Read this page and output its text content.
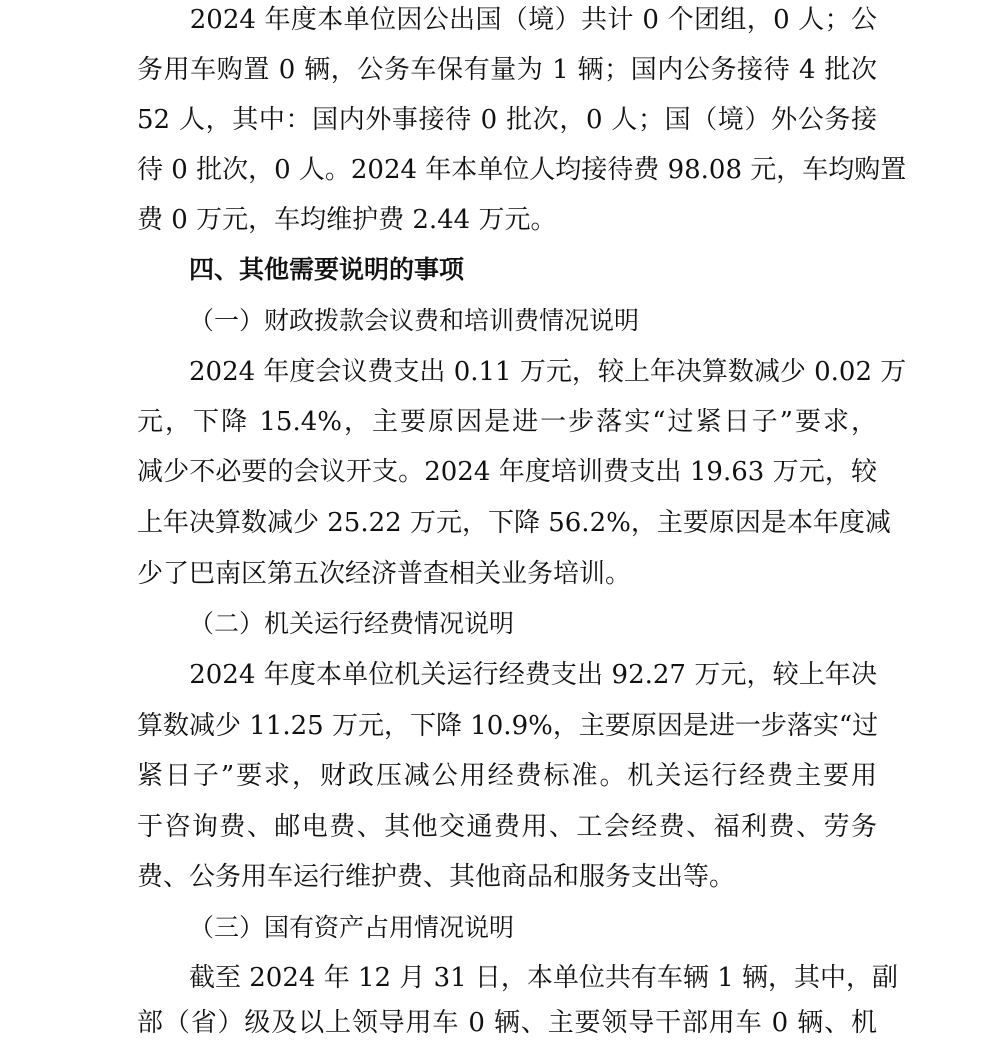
　　2024 年度本单位因公出国（境）共计 0 个团组，0 人；公
务用车购置 0 辆，公务车保有量为 1 辆；国内公务接待 4 批次
52 人，其中：国内外事接待 0 批次，0 人；国（境）外公务接
待 0 批次，0 人。2024 年本单位人均接待费 98.08 元，车均购置
费 0 万元，车均维护费 2.44 万元。
四、其他需要说明的事项
（一）财政拨款会议费和培训费情况说明
　　2024 年度会议费支出 0.11 万元，较上年决算数减少 0.02 万
元，下降 15.4%，主要原因是进一步落实“过紧日子”要求，
减少不必要的会议开支。2024 年度培训费支出 19.63 万元，较
上年决算数减少 25.22 万元，下降 56.2%，主要原因是本年度减
少了巴南区第五次经济普查相关业务培训。
（二）机关运行经费情况说明
　　2024 年度本单位机关运行经费支出 92.27 万元，较上年决
算数减少 11.25 万元，下降 10.9%，主要原因是进一步落实“过
紧日子”要求，财政压减公用经费标准。机关运行经费主要用
于咨询费、邮电费、其他交通费用、工会经费、福利费、劳务
费、公务用车运行维护费、其他商品和服务支出等。
（三）国有资产占用情况说明
　　截至 2024 年 12 月 31 日，本单位共有车辆 1 辆，其中，副
部（省）级及以上领导用车 0 辆、主要领导干部用车 0 辆、机
